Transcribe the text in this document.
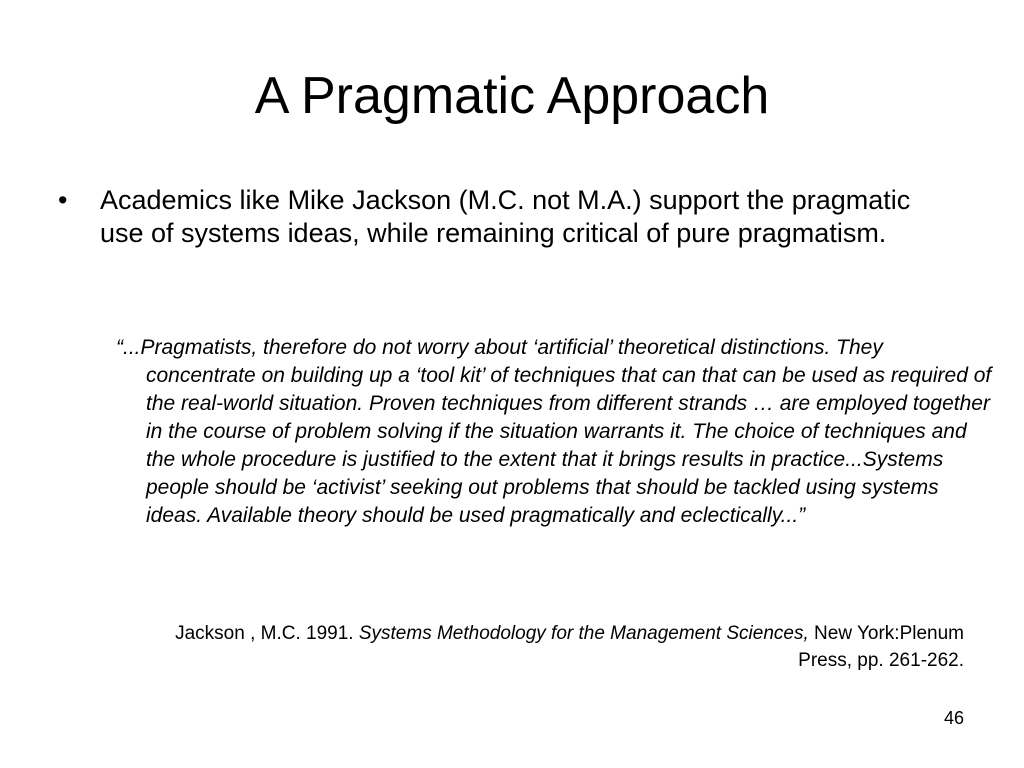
A Pragmatic Approach
•	Academics like Mike Jackson (M.C. not M.A.) support the pragmatic use of systems ideas, while remaining critical of pure pragmatism.

“...Pragmatists, therefore do not worry about ‘artificial’ theoretical distinctions. They concentrate on building up a ‘tool kit’ of techniques that can that can be used as required of the real-world situation. Proven techniques from different strands … are employed together in the course of problem solving if the situation warrants it. The choice of techniques and the whole procedure is justified to the extent that it brings results in practice...Systems people should be ‘activist’ seeking out problems that should be tackled using systems ideas. Available theory should be used pragmatically and eclectically...”

Jackson , M.C. 1991. Systems Methodology for the Management Sciences, New York:Plenum Press, pp. 261-262.

46
